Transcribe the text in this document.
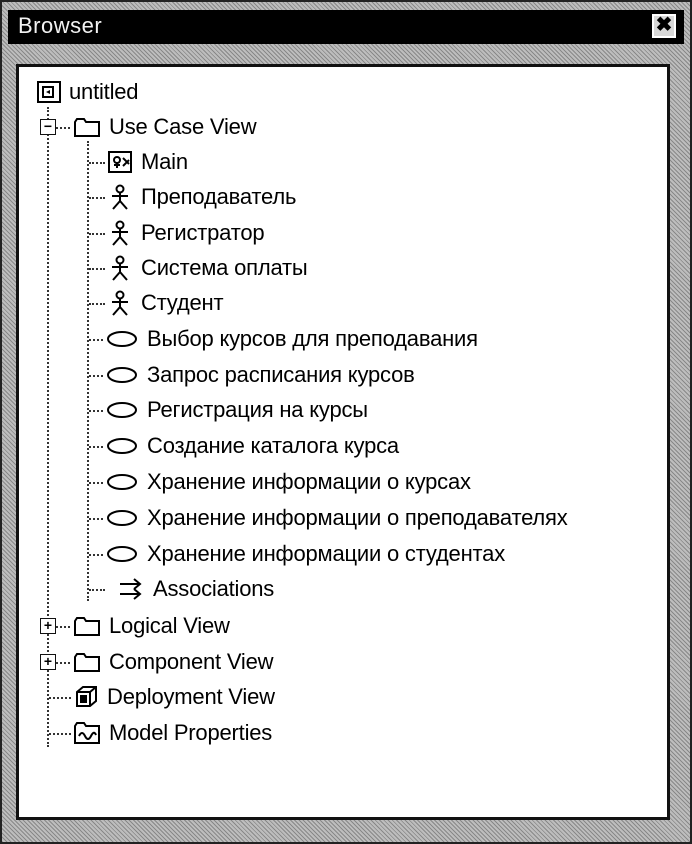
Browser	✖
untitled
−	Use Case View
Main
Преподаватель
Регистратор
Система оплаты
Студент
Выбор курсов для преподавания
Запрос расписания курсов
Регистрация на курсы
Создание каталога курса
Хранение информации о курсах
Хранение информации о преподавателях
Хранение информации о студентах
Associations
+	Logical View
+	Component View
Deployment View
Model Properties
